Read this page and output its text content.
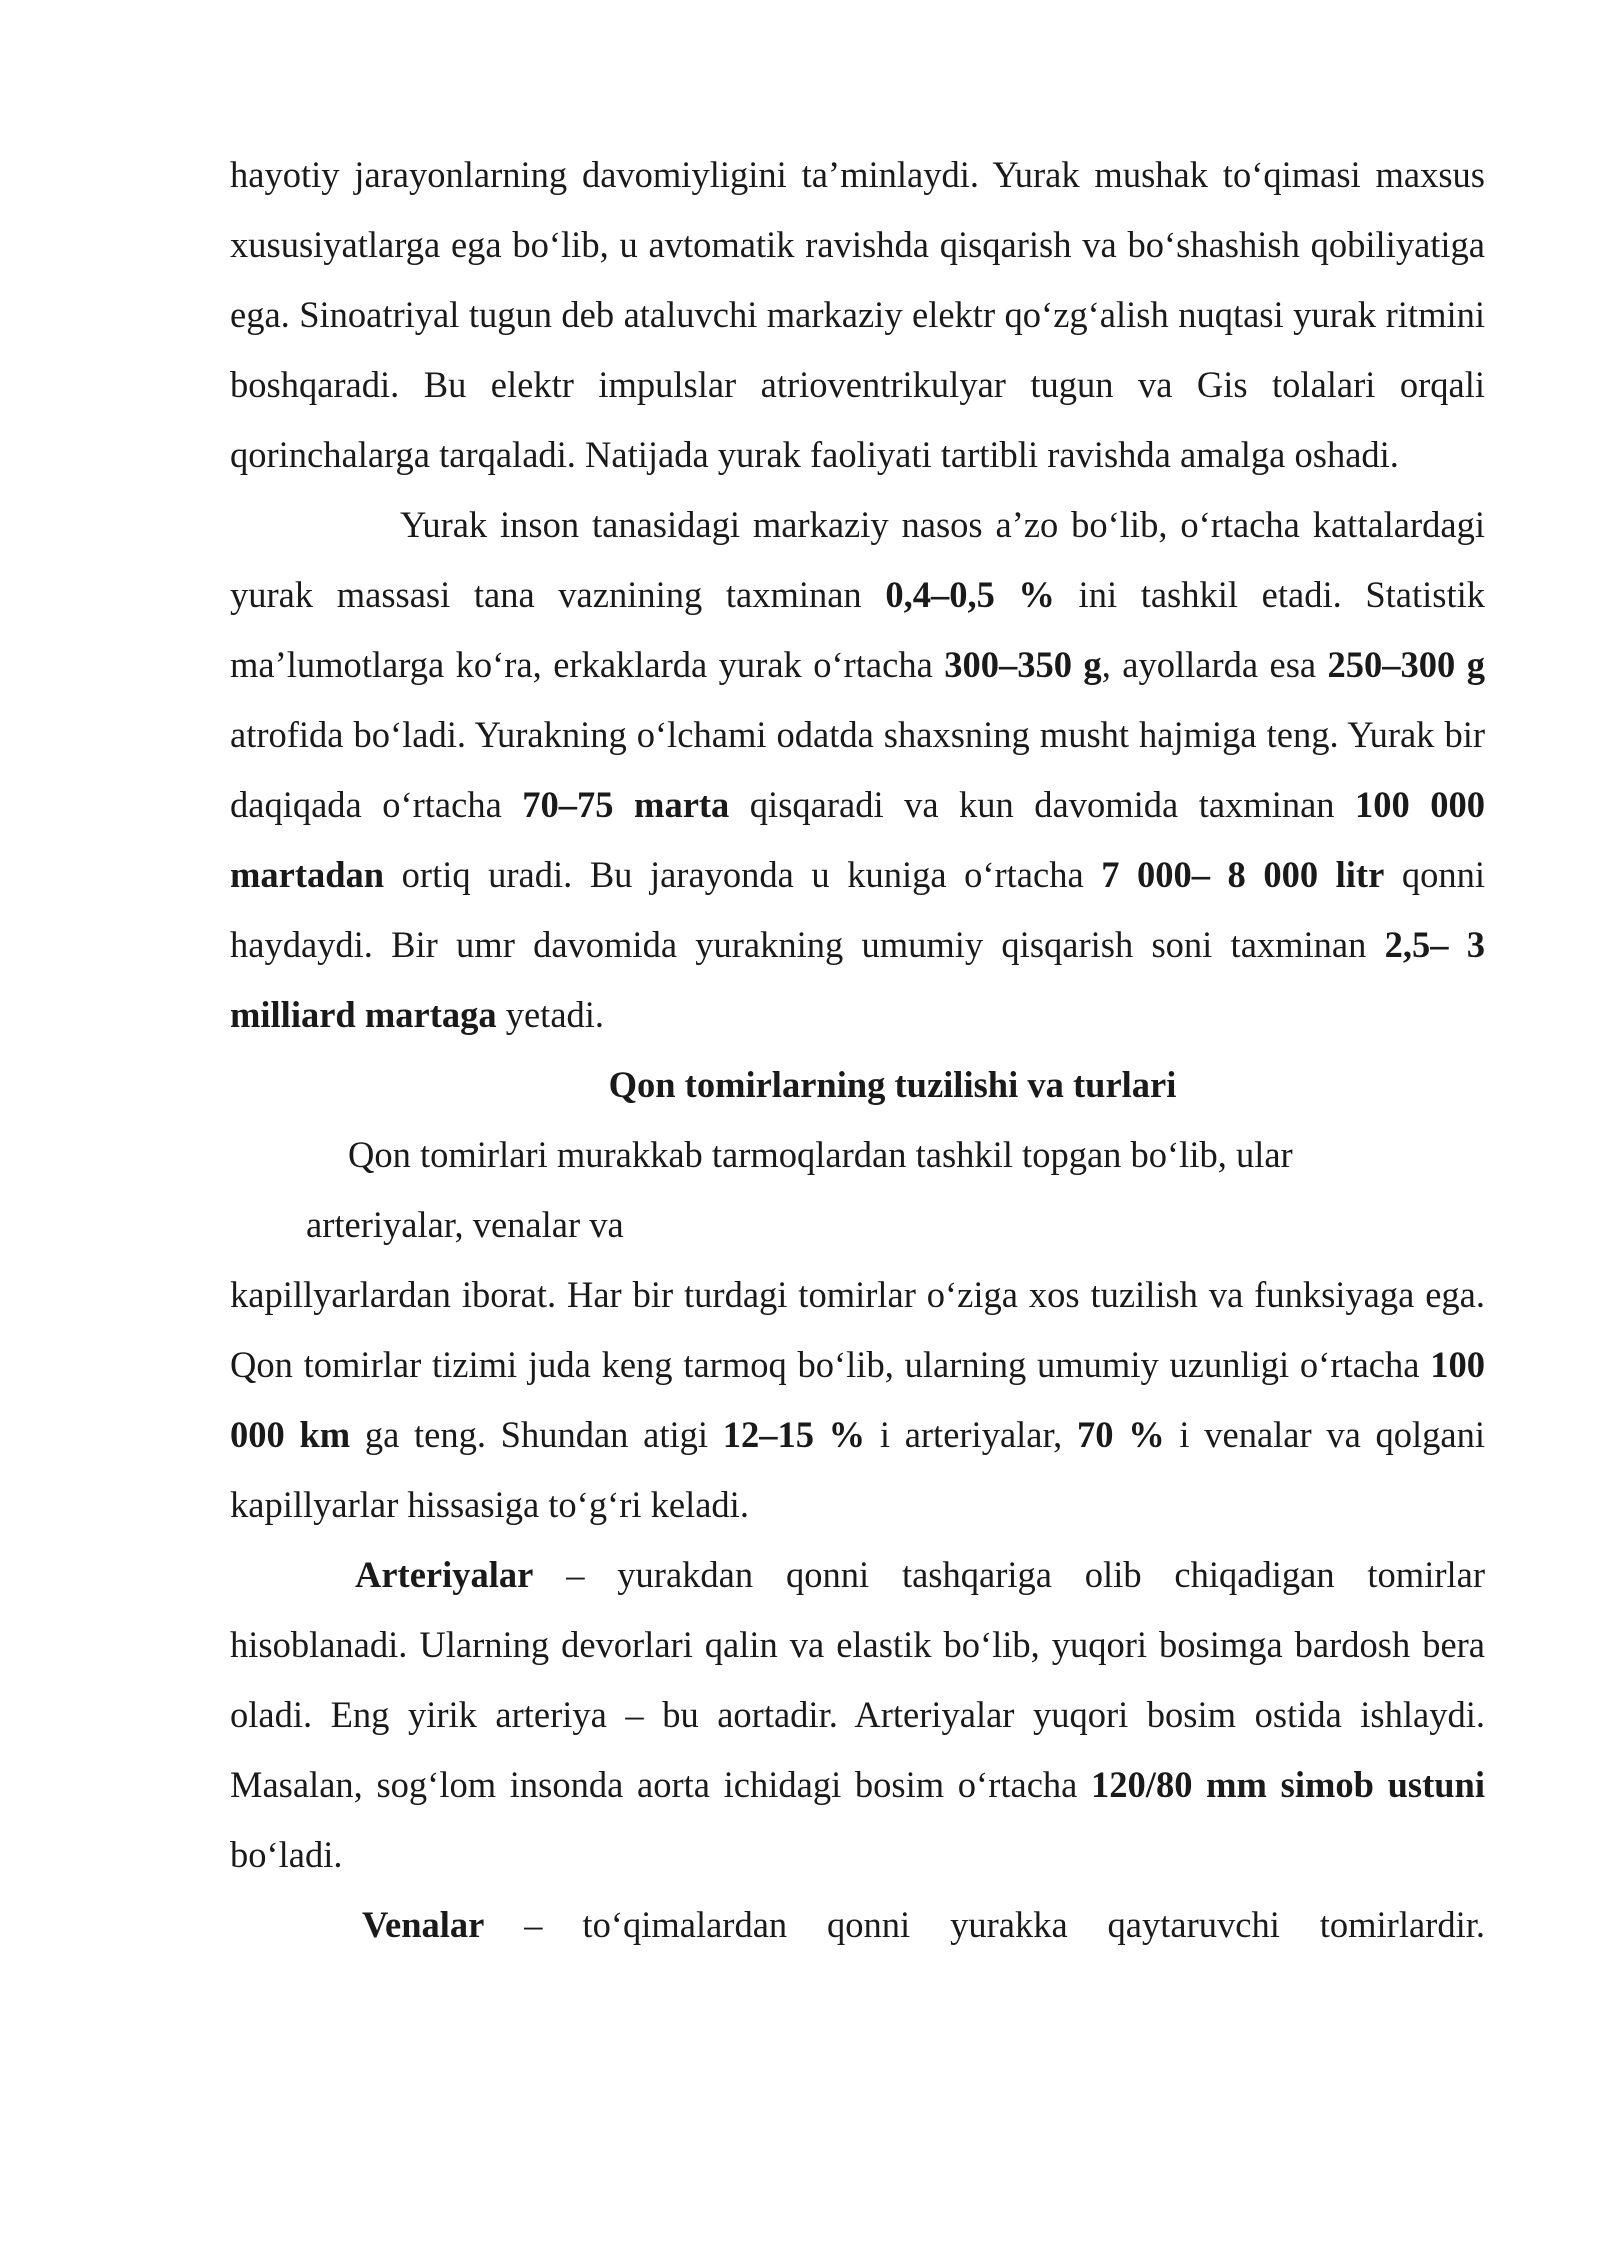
hayotiy jarayonlarning davomiyligini ta’minlaydi. Yurak mushak to‘qimasi maxsus xususiyatlarga ega bo‘lib, u avtomatik ravishda qisqarish va bo‘shashish qobiliyatiga ega. Sinoatriyal tugun deb ataluvchi markaziy elektr qo‘zg‘alish nuqtasi yurak ritmini boshqaradi. Bu elektr impulslar atrioventrikulyar tugun va Gis tolalari orqali qorinchalarga tarqaladi. Natijada yurak faoliyati tartibli ravishda amalga oshadi.

Yurak inson tanasidagi markaziy nasos a’zo bo‘lib, o‘rtacha kattalardagi yurak massasi tana vaznining taxminan 0,4–0,5 % ini tashkil etadi. Statistik ma’lumotlarga ko‘ra, erkaklarda yurak o‘rtacha 300–350 g, ayollarda esa 250–300 g atrofida bo‘ladi. Yurakning o‘lchami odatda shaxsning musht hajmiga teng. Yurak bir daqiqada o‘rtacha 70–75 marta qisqaradi va kun davomida taxminan 100 000 martadan ortiq uradi. Bu jarayonda u kuniga o‘rtacha 7 000– 8 000 litr qonni haydaydi. Bir umr davomida yurakning umumiy qisqarish soni taxminan 2,5– 3 milliard martaga yetadi.

Qon tomirlarning tuzilishi va turlari

Qon tomirlari murakkab tarmoqlardan tashkil topgan bo‘lib, ular

arteriyalar, venalar va

kapillyarlardan iborat. Har bir turdagi tomirlar o‘ziga xos tuzilish va funksiyaga ega. Qon tomirlar tizimi juda keng tarmoq bo‘lib, ularning umumiy uzunligi o‘rtacha 100 000 km ga teng. Shundan atigi 12–15 % i arteriyalar, 70 % i venalar va qolgani kapillyarlar hissasiga to‘g‘ri keladi.

Arteriyalar – yurakdan qonni tashqariga olib chiqadigan tomirlar hisoblanadi. Ularning devorlari qalin va elastik bo‘lib, yuqori bosimga bardosh bera oladi. Eng yirik arteriya – bu aortadir. Arteriyalar yuqori bosim ostida ishlaydi. Masalan, sog‘lom insonda aorta ichidagi bosim o‘rtacha 120/80 mm simob ustuni bo‘ladi.

Venalar – to‘qimalardan qonni yurakka qaytaruvchi tomirlardir.
